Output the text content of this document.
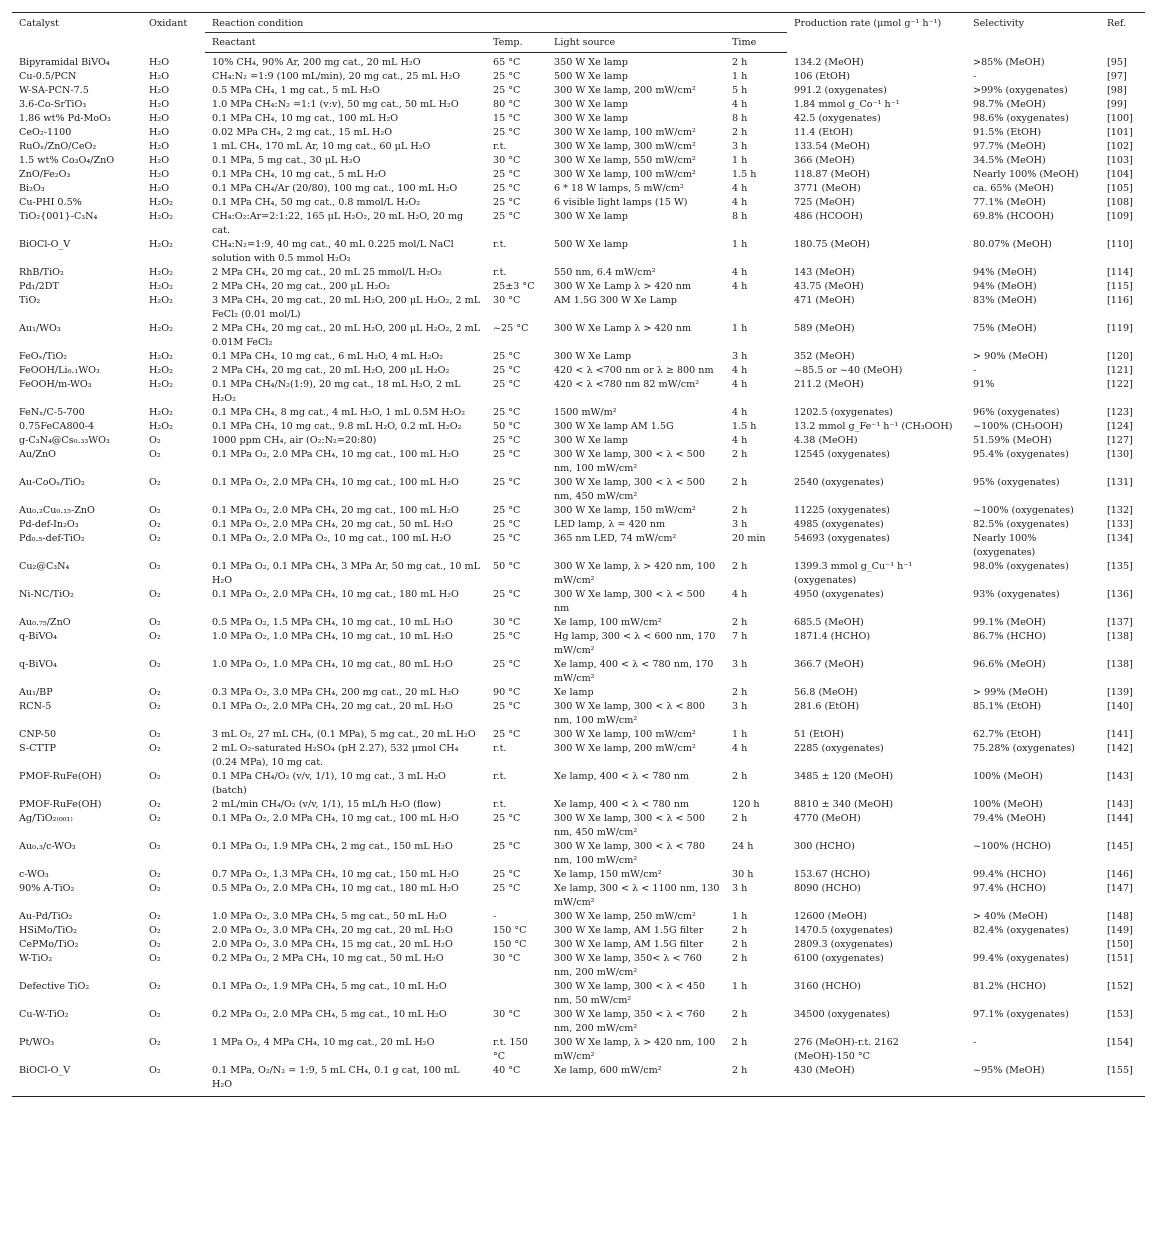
Catalyst	Oxidant	Reaction condition				Production rate (μmol g⁻¹ h⁻¹)	Selectivity	Ref.
		Reactant	Temp.	Light source	Time			
Bipyramidal BiVO₄	H₂O	10% CH₄, 90% Ar, 200 mg cat., 20 mL H₂O	65 °C	350 W Xe lamp	2 h	134.2 (MeOH)	>85% (MeOH)	[95]
Cu-0.5/PCN	H₂O	CH₄:N₂ =1:9 (100 mL/min), 20 mg cat., 25 mL H₂O	25 °C	500 W Xe lamp	1 h	106 (EtOH)	-	[97]
W-SA-PCN-7.5	H₂O	0.5 MPa CH₄, 1 mg cat., 5 mL H₂O	25 °C	300 W Xe lamp, 200 mW/cm²	5 h	991.2 (oxygenates)	>99% (oxygenates)	[98]
3.6-Co-SrTiO₃	H₂O	1.0 MPa CH₄:N₂ =1:1 (v:v), 50 mg cat., 50 mL H₂O	80 °C	300 W Xe lamp	4 h	1.84 mmol g_Co⁻¹ h⁻¹	98.7% (MeOH)	[99]
1.86 wt% Pd-MoO₃	H₂O	0.1 MPa CH₄, 10 mg cat., 100 mL H₂O	15 °C	300 W Xe lamp	8 h	42.5 (oxygenates)	98.6% (oxygenates)	[100]
CeO₂-1100	H₂O	0.02 MPa CH₄, 2 mg cat., 15 mL H₂O	25 °C	300 W Xe lamp, 100 mW/cm²	2 h	11.4 (EtOH)	91.5% (EtOH)	[101]
RuOₓ/ZnO/CeO₂	H₂O	1 mL CH₄, 170 mL Ar, 10 mg cat., 60 μL H₂O	r.t.	300 W Xe lamp, 300 mW/cm²	3 h	133.54 (MeOH)	97.7% (MeOH)	[102]
1.5 wt% Co₃O₄/ZnO	H₂O	0.1 MPa, 5 mg cat., 30 μL H₂O	30 °C	300 W Xe lamp, 550 mW/cm²	1 h	366 (MeOH)	34.5% (MeOH)	[103]
ZnO/Fe₂O₃	H₂O	0.1 MPa CH₄, 10 mg cat., 5 mL H₂O	25 °C	300 W Xe lamp, 100 mW/cm²	1.5 h	118.87 (MeOH)	Nearly 100% (MeOH)	[104]
Bi₂O₃	H₂O	0.1 MPa CH₄/Ar (20/80), 100 mg cat., 100 mL H₂O	25 °C	6 * 18 W lamps, 5 mW/cm²	4 h	3771 (MeOH)	ca. 65% (MeOH)	[105]
Cu-PHI 0.5%	H₂O₂	0.1 MPa CH₄, 50 mg cat., 0.8 mmol/L H₂O₂	25 °C	6 visible light lamps (15 W)	4 h	725 (MeOH)	77.1% (MeOH)	[108]
TiO₂{001}-C₃N₄	H₂O₂	CH₄:O₂:Ar=2:1:22, 165 μL H₂O₂, 20 mL H₂O, 20 mg cat.	25 °C	300 W Xe lamp	8 h	486 (HCOOH)	69.8% (HCOOH)	[109]
BiOCl-O_V	H₂O₂	CH₄:N₂=1:9, 40 mg cat., 40 mL 0.225 mol/L NaCl solution with 0.5 mmol H₂O₂	r.t.	500 W Xe lamp	1 h	180.75 (MeOH)	80.07% (MeOH)	[110]
RhB/TiO₂	H₂O₂	2 MPa CH₄, 20 mg cat., 20 mL 25 mmol/L H₂O₂	r.t.	550 nm, 6.4 mW/cm²	4 h	143 (MeOH)	94% (MeOH)	[114]
Pd₁/2DT	H₂O₂	2 MPa CH₄, 20 mg cat., 200 μL H₂O₂	25±3 °C	300 W Xe Lamp λ > 420 nm	4 h	43.75 (MeOH)	94% (MeOH)	[115]
TiO₂	H₂O₂	3 MPa CH₄, 20 mg cat., 20 mL H₂O, 200 μL H₂O₂, 2 mL FeCl₂ (0.01 mol/L)	30 °C	AM 1.5G 300 W Xe Lamp		471 (MeOH)	83% (MeOH)	[116]
Au₁/WO₃	H₂O₂	2 MPa CH₄, 20 mg cat., 20 mL H₂O, 200 μL H₂O₂, 2 mL 0.01M FeCl₂	~25 °C	300 W Xe Lamp λ > 420 nm	1 h	589 (MeOH)	75% (MeOH)	[119]
FeOₓ/TiO₂	H₂O₂	0.1 MPa CH₄, 10 mg cat., 6 mL H₂O, 4 mL H₂O₂	25 °C	300 W Xe Lamp	3 h	352 (MeOH)	> 90% (MeOH)	[120]
FeOOH/Li₀.₁WO₃	H₂O₂	2 MPa CH₄, 20 mg cat., 20 mL H₂O, 200 μL H₂O₂	25 °C	420 < λ <700 nm or λ ≥ 800 nm	4 h	~85.5 or ~40 (MeOH)	-	[121]
FeOOH/m-WO₃	H₂O₂	0.1 MPa CH₄/N₂(1:9), 20 mg cat., 18 mL H₂O, 2 mL H₂O₂	25 °C	420 < λ <780 nm 82 mW/cm²	4 h	211.2 (MeOH)	91%	[122]
FeNₓ/C-5-700	H₂O₂	0.1 MPa CH₄, 8 mg cat., 4 mL H₂O, 1 mL 0.5M H₂O₂	25 °C	1500 mW/m²	4 h	1202.5 (oxygenates)	96% (oxygenates)	[123]
0.75FeCA800-4	H₂O₂	0.1 MPa CH₄, 10 mg cat., 9.8 mL H₂O, 0.2 mL H₂O₂	50 °C	300 W Xe lamp AM 1.5G	1.5 h	13.2 mmol g_Fe⁻¹ h⁻¹ (CH₃OOH)	~100% (CH₃OOH)	[124]
g-C₃N₄@Cs₀.₃₃WO₃	O₂	1000 ppm CH₄, air (O₂:N₂=20:80)	25 °C	300 W Xe lamp	4 h	4.38 (MeOH)	51.59% (MeOH)	[127]
Au/ZnO	O₂	0.1 MPa O₂, 2.0 MPa CH₄, 10 mg cat., 100 mL H₂O	25 °C	300 W Xe lamp, 300 < λ < 500 nm, 100 mW/cm²	2 h	12545 (oxygenates)	95.4% (oxygenates)	[130]
Au-CoOₓ/TiO₂	O₂	0.1 MPa O₂, 2.0 MPa CH₄, 10 mg cat., 100 mL H₂O	25 °C	300 W Xe lamp, 300 < λ < 500 nm, 450 mW/cm²	2 h	2540 (oxygenates)	95% (oxygenates)	[131]
Au₀.₂Cu₀.₁₅-ZnO	O₂	0.1 MPa O₂, 2.0 MPa CH₄, 20 mg cat., 100 mL H₂O	25 °C	300 W Xe lamp, 150 mW/cm²	2 h	11225 (oxygenates)	~100% (oxygenates)	[132]
Pd-def-In₂O₃	O₂	0.1 MPa O₂, 2.0 MPa CH₄, 20 mg cat., 50 mL H₂O	25 °C	LED lamp, λ = 420 nm	3 h	4985 (oxygenates)	82.5% (oxygenates)	[133]
Pd₀.₅-def-TiO₂	O₂	0.1 MPa O₂, 2.0 MPa O₂, 10 mg cat., 100 mL H₂O	25 °C	365 nm LED, 74 mW/cm²	20 min	54693 (oxygenates)	Nearly 100% (oxygenates)	[134]
Cu₂@C₃N₄	O₂	0.1 MPa O₂, 0.1 MPa CH₄, 3 MPa Ar, 50 mg cat., 10 mL H₂O	50 °C	300 W Xe lamp, λ > 420 nm, 100 mW/cm²	2 h	1399.3 mmol g_Cu⁻¹ h⁻¹ (oxygenates)	98.0% (oxygenates)	[135]
Ni-NC/TiO₂	O₂	0.1 MPa O₂, 2.0 MPa CH₄, 10 mg cat., 180 mL H₂O	25 °C	300 W Xe lamp, 300 < λ < 500 nm	4 h	4950 (oxygenates)	93% (oxygenates)	[136]
Au₀.₇₅/ZnO	O₂	0.5 MPa O₂, 1.5 MPa CH₄, 10 mg cat., 10 mL H₂O	30 °C	Xe lamp, 100 mW/cm²	2 h	685.5 (MeOH)	99.1% (MeOH)	[137]
q-BiVO₄	O₂	1.0 MPa O₂, 1.0 MPa CH₄, 10 mg cat., 10 mL H₂O	25 °C	Hg lamp, 300 < λ < 600 nm, 170 mW/cm²	7 h	1871.4 (HCHO)	86.7% (HCHO)	[138]
q-BiVO₄	O₂	1.0 MPa O₂, 1.0 MPa CH₄, 10 mg cat., 80 mL H₂O	25 °C	Xe lamp, 400 < λ < 780 nm, 170 mW/cm²	3 h	366.7 (MeOH)	96.6% (MeOH)	[138]
Au₁/BP	O₂	0.3 MPa O₂, 3.0 MPa CH₄, 200 mg cat., 20 mL H₂O	90 °C	Xe lamp	2 h	56.8 (MeOH)	> 99% (MeOH)	[139]
RCN-5	O₂	0.1 MPa O₂, 2.0 MPa CH₄, 20 mg cat., 20 mL H₂O	25 °C	300 W Xe lamp, 300 < λ < 800 nm, 100 mW/cm²	3 h	281.6 (EtOH)	85.1% (EtOH)	[140]
CNP-50	O₂	3 mL O₂, 27 mL CH₄, (0.1 MPa), 5 mg cat., 20 mL H₂O	25 °C	300 W Xe lamp, 100 mW/cm²	1 h	51 (EtOH)	62.7% (EtOH)	[141]
S-CTTP	O₂	2 mL O₂-saturated H₂SO₄ (pH 2.27), 532 μmol CH₄ (0.24 MPa), 10 mg cat.	r.t.	300 W Xe lamp, 200 mW/cm²	4 h	2285 (oxygenates)	75.28% (oxygenates)	[142]
PMOF-RuFe(OH)	O₂	0.1 MPa CH₄/O₂ (v/v, 1/1), 10 mg cat., 3 mL H₂O (batch)	r.t.	Xe lamp, 400 < λ < 780 nm	2 h	3485 ± 120 (MeOH)	100% (MeOH)	[143]
PMOF-RuFe(OH)	O₂	2 mL/min CH₄/O₂ (v/v, 1/1), 15 mL/h H₂O (flow)	r.t.	Xe lamp, 400 < λ < 780 nm	120 h	8810 ± 340 (MeOH)	100% (MeOH)	[143]
Ag/TiO₂₍₀₀₁₎	O₂	0.1 MPa O₂, 2.0 MPa CH₄, 10 mg cat., 100 mL H₂O	25 °C	300 W Xe lamp, 300 < λ < 500 nm, 450 mW/cm²	2 h	4770 (MeOH)	79.4% (MeOH)	[144]
Au₀.₃/c-WO₃	O₂	0.1 MPa O₂, 1.9 MPa CH₄, 2 mg cat., 150 mL H₂O	25 °C	300 W Xe lamp, 300 < λ < 780 nm, 100 mW/cm²	24 h	300 (HCHO)	~100% (HCHO)	[145]
c-WO₃	O₂	0.7 MPa O₂, 1.3 MPa CH₄, 10 mg cat., 150 mL H₂O	25 °C	Xe lamp, 150 mW/cm²	30 h	153.67 (HCHO)	99.4% (HCHO)	[146]
90% A-TiO₂	O₂	0.5 MPa O₂, 2.0 MPa CH₄, 10 mg cat., 180 mL H₂O	25 °C	Xe lamp, 300 < λ < 1100 nm, 130 mW/cm²	3 h	8090 (HCHO)	97.4% (HCHO)	[147]
Au-Pd/TiO₂	O₂	1.0 MPa O₂, 3.0 MPa CH₄, 5 mg cat., 50 mL H₂O	-	300 W Xe lamp, 250 mW/cm²	1 h	12600 (MeOH)	> 40% (MeOH)	[148]
HSiMo/TiO₂	O₂	2.0 MPa O₂, 3.0 MPa CH₄, 20 mg cat., 20 mL H₂O	150 °C	300 W Xe lamp, AM 1.5G filter	2 h	1470.5 (oxygenates)	82.4% (oxygenates)	[149]
CePMo/TiO₂	O₂	2.0 MPa O₂, 3.0 MPa CH₄, 15 mg cat., 20 mL H₂O	150 °C	300 W Xe lamp, AM 1.5G filter	2 h	2809.3 (oxygenates)		[150]
W-TiO₂	O₂	0.2 MPa O₂, 2 MPa CH₄, 10 mg cat., 50 mL H₂O	30 °C	300 W Xe lamp, 350< λ < 760 nm, 200 mW/cm²	2 h	6100 (oxygenates)	99.4% (oxygenates)	[151]
Defective TiO₂	O₂	0.1 MPa O₂, 1.9 MPa CH₄, 5 mg cat., 10 mL H₂O		300 W Xe lamp, 300 < λ < 450 nm, 50 mW/cm²	1 h	3160 (HCHO)	81.2% (HCHO)	[152]
Cu-W-TiO₂	O₂	0.2 MPa O₂, 2.0 MPa CH₄, 5 mg cat., 10 mL H₂O	30 °C	300 W Xe lamp, 350 < λ < 760 nm, 200 mW/cm²	2 h	34500 (oxygenates)	97.1% (oxygenates)	[153]
Pt/WO₃	O₂	1 MPa O₂, 4 MPa CH₄, 10 mg cat., 20 mL H₂O	r.t. 150 °C	300 W Xe lamp, λ > 420 nm, 100 mW/cm²	2 h	276 (MeOH)-r.t. 2162 (MeOH)-150 °C	-	[154]
BiOCl-O_V	O₂	0.1 MPa, O₂/N₂ = 1:9, 5 mL CH₄, 0.1 g cat, 100 mL H₂O	40 °C	Xe lamp, 600 mW/cm²	2 h	430 (MeOH)	~95% (MeOH)	[155]
